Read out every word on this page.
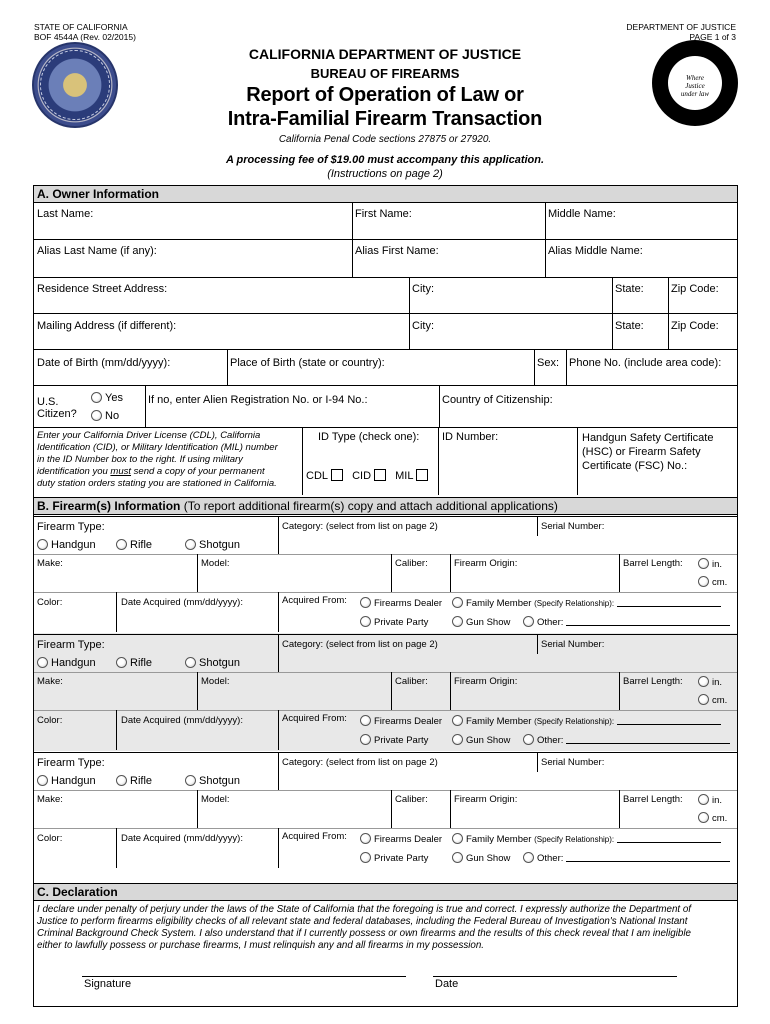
STATE OF CALIFORNIA
BOF 4544A (Rev. 02/2015)
DEPARTMENT OF JUSTICE
PAGE 1 of 3
Where
Justice
under law
CALIFORNIA DEPARTMENT OF JUSTICE
BUREAU OF FIREARMS
Report of Operation of Law or
Intra-Familial Firearm Transaction
California Penal Code sections 27875 or 27920.
A processing fee of $19.00 must accompany this application.
(Instructions on page 2)
A. Owner Information
Last Name:	First Name:	Middle Name:
Alias Last Name (if any):	Alias First Name:	Alias Middle Name:
Residence Street Address:	City:	State: Zip Code:
Mailing Address (if different):	City:	State: Zip Code:
Date of Birth (mm/dd/yyyy):	Place of Birth (state or country):	Sex: Phone No. (include area code):
U.S.
Citizen?
Yes
No
If no, enter Alien Registration No. or I-94 No.:	Country of Citizenship:
Enter your California Driver License (CDL), California
Identification (CID), or Military Identification (MIL) number
in the ID Number box to the right. If using military
identification you must send a copy of your permanent
duty station orders stating you are stationed in California.
ID Type (check one):
CDL CID MIL
ID Number:	Handgun Safety Certificate
(HSC) or Firearm Safety
Certificate (FSC) No.:
B. Firearm(s) Information (To report additional firearm(s) copy and attach additional applications)
Firearm Type:
Handgun	Rifle	Shotgun
Category: (select from list on page 2)	Serial Number:
Make:	Model:	Caliber:	Firearm Origin:	Barrel Length:	in.
cm.
Color:	Date Acquired (mm/dd/yyyy):	Acquired From:	Firearms Dealer	Family Member (Specify Relationship):
Private Party	Gun Show	Other:
Firearm Type:
Handgun	Rifle	Shotgun
Category: (select from list on page 2)	Serial Number:
Make:	Model:	Caliber:	Firearm Origin:	Barrel Length:	in.
cm.
Color:	Date Acquired (mm/dd/yyyy):	Acquired From:	Firearms Dealer	Family Member (Specify Relationship):
Private Party	Gun Show	Other:
Firearm Type:
Handgun	Rifle	Shotgun
Category: (select from list on page 2)	Serial Number:
Make:	Model:	Caliber:	Firearm Origin:	Barrel Length:	in.
cm.
Color:	Date Acquired (mm/dd/yyyy):	Acquired From:	Firearms Dealer	Family Member (Specify Relationship):
Private Party	Gun Show	Other:
C. Declaration
I declare under penalty of perjury under the laws of the State of California that the foregoing is true and correct. I expressly authorize the Department of
Justice to perform firearms eligibility checks of all relevant state and federal databases, including the Federal Bureau of Investigation's National Instant
Criminal Background Check System. I also understand that if I currently possess or own firearms and the results of this check reveal that I am ineligible
either to lawfully possess or purchase firearms, I must relinquish any and all firearms in my possession.
Signature	Date
